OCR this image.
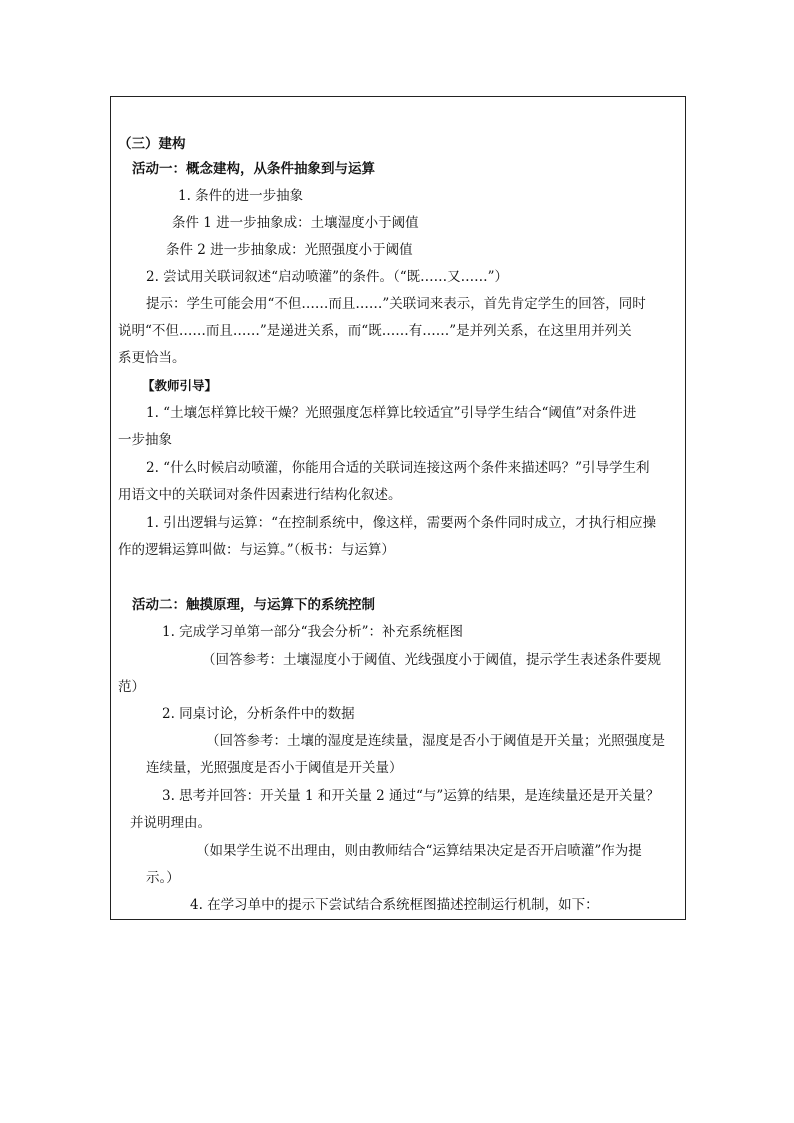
（三）建构
活动一：概念建构，从条件抽象到与运算
1. 条件的进一步抽象
条件 1 进一步抽象成：土壤湿度小于阈值
条件 2 进一步抽象成：光照强度小于阈值
2. 尝试用关联词叙述“启动喷灌”的条件。（“既……又……”）
提示：学生可能会用“不但……而且……”关联词来表示，首先肯定学生的回答，同时
说明“不但……而且……”是递进关系，而“既……有……”是并列关系，在这里用并列关
系更恰当。
【教师引导】
1. “土壤怎样算比较干燥？光照强度怎样算比较适宜”引导学生结合“阈值”对条件进
一步抽象
2. “什么时候启动喷灌，你能用合适的关联词连接这两个条件来描述吗？”引导学生利
用语文中的关联词对条件因素进行结构化叙述。
1. 引出逻辑与运算：“在控制系统中，像这样，需要两个条件同时成立，才执行相应操
作的逻辑运算叫做：与运算。”（板书：与运算）
活动二：触摸原理，与运算下的系统控制
1. 完成学习单第一部分“我会分析”：补充系统框图
（回答参考：土壤湿度小于阈值、光线强度小于阈值，提示学生表述条件要规
范）
2. 同桌讨论，分析条件中的数据
（回答参考：土壤的湿度是连续量，湿度是否小于阈值是开关量；光照强度是
连续量，光照强度是否小于阈值是开关量）
3. 思考并回答：开关量 1 和开关量 2 通过“与”运算的结果，是连续量还是开关量？
并说明理由。
（如果学生说不出理由，则由教师结合“运算结果决定是否开启喷灌”作为提
示。）
4. 在学习单中的提示下尝试结合系统框图描述控制运行机制，如下：
